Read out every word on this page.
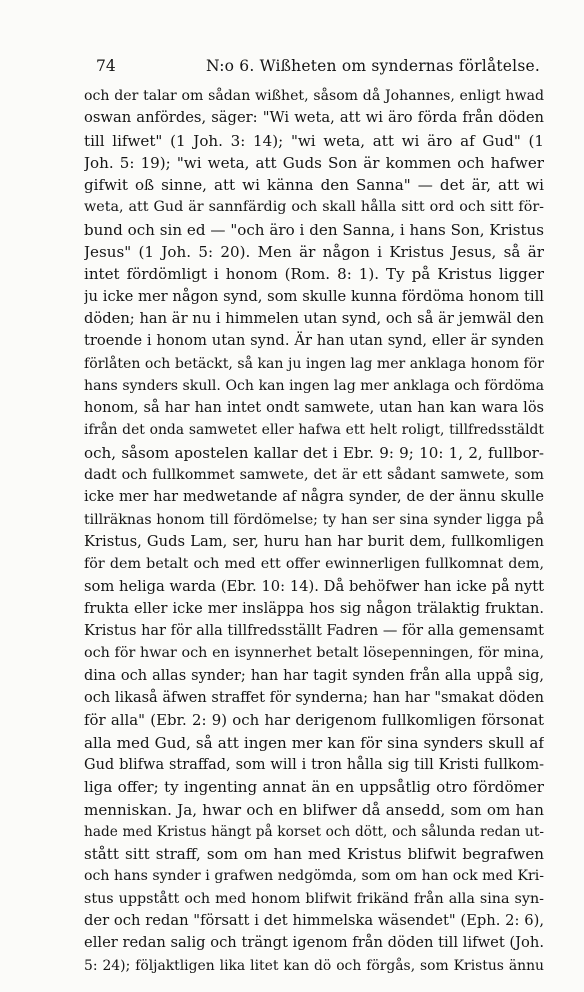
74	N:o 6. Wißheten om syndernas förlåtelse.
och der talar om sådan wißhet, såsom då Johannes, enligt hwad
oswan anfördes, säger: "Wi weta, att wi äro förda från döden
till lifwet" (1 Joh. 3: 14); "wi weta, att wi äro af Gud" (1
Joh. 5: 19); "wi weta, att Guds Son är kommen och hafwer
gifwit oß sinne, att wi känna den Sanna" — det är, att wi
weta, att Gud är sannfärdig och skall hålla sitt ord och sitt för-
bund och sin ed — "och äro i den Sanna, i hans Son, Kristus
Jesus" (1 Joh. 5: 20). Men är någon i Kristus Jesus, så är
intet fördömligt i honom (Rom. 8: 1). Ty på Kristus ligger
ju icke mer någon synd, som skulle kunna fördöma honom till
döden; han är nu i himmelen utan synd, och så är jemwäl den
troende i honom utan synd. Är han utan synd, eller är synden
förlåten och betäckt, så kan ju ingen lag mer anklaga honom för
hans synders skull. Och kan ingen lag mer anklaga och fördöma
honom, så har han intet ondt samwete, utan han kan wara lös
ifrån det onda samwetet eller hafwa ett helt roligt, tillfredsstäldt
och, såsom apostelen kallar det i Ebr. 9: 9; 10: 1, 2, fullbor-
dadt och fullkommet samwete, det är ett sådant samwete, som
icke mer har medwetande af några synder, de der ännu skulle
tillräknas honom till fördömelse; ty han ser sina synder ligga på
Kristus, Guds Lam, ser, huru han har burit dem, fullkomligen
för dem betalt och med ett offer ewinnerligen fullkomnat dem,
som heliga warda (Ebr. 10: 14). Då behöfwer han icke på nytt
frukta eller icke mer insläppa hos sig någon trälaktig fruktan.
Kristus har för alla tillfredsställt Fadren — för alla gemensamt
och för hwar och en isynnerhet betalt lösepenningen, för mina,
dina och allas synder; han har tagit synden från alla uppå sig,
och likaså äfwen straffet för synderna; han har "smakat döden
för alla" (Ebr. 2: 9) och har derigenom fullkomligen försonat
alla med Gud, så att ingen mer kan för sina synders skull af
Gud blifwa straffad, som will i tron hålla sig till Kristi fullkom-
liga offer; ty ingenting annat än en uppsåtlig otro fördömer
menniskan. Ja, hwar och en blifwer då ansedd, som om han
hade med Kristus hängt på korset och dött, och sålunda redan ut-
stått sitt straff, som om han med Kristus blifwit begrafwen
och hans synder i grafwen nedgömda, som om han ock med Kri-
stus uppstått och med honom blifwit frikänd från alla sina syn-
der och redan "försatt i det himmelska wäsendet" (Eph. 2: 6),
eller redan salig och trängt igenom från döden till lifwet (Joh.
5: 24); följaktligen lika litet kan dö och förgås, som Kristus ännu
